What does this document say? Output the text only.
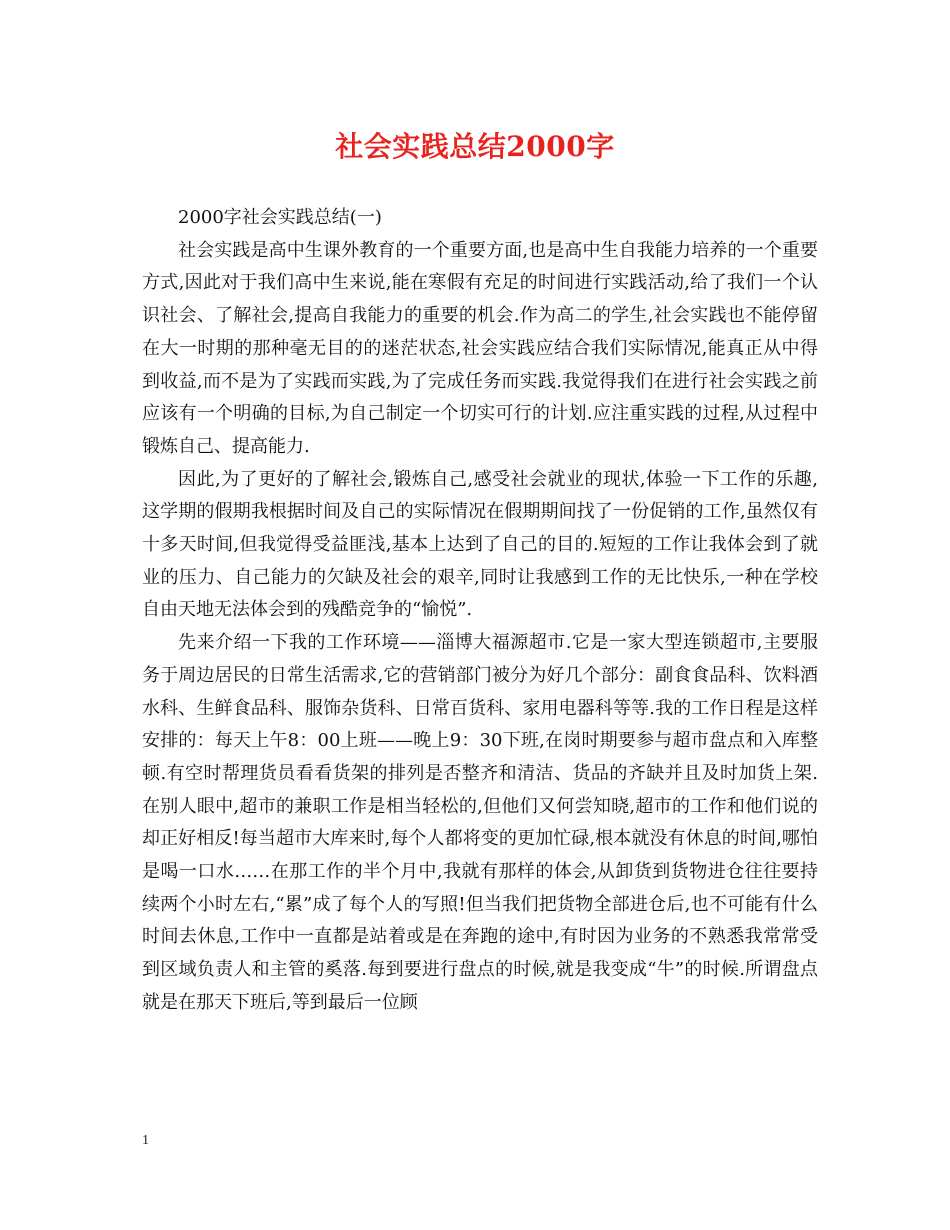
社会实践总结2000字

2000字社会实践总结(一)

社会实践是高中生课外教育的一个重要方面,也是高中生自我能力培养的一个重要方式,因此对于我们高中生来说,能在寒假有充足的时间进行实践活动,给了我们一个认识社会、了解社会,提高自我能力的重要的机会.作为高二的学生,社会实践也不能停留在大一时期的那种毫无目的的迷茫状态,社会实践应结合我们实际情况,能真正从中得到收益,而不是为了实践而实践,为了完成任务而实践.我觉得我们在进行社会实践之前应该有一个明确的目标,为自己制定一个切实可行的计划.应注重实践的过程,从过程中锻炼自己、提高能力.

因此,为了更好的了解社会,锻炼自己,感受社会就业的现状,体验一下工作的乐趣,这学期的假期我根据时间及自己的实际情况在假期期间找了一份促销的工作,虽然仅有十多天时间,但我觉得受益匪浅,基本上达到了自己的目的.短短的工作让我体会到了就业的压力、自己能力的欠缺及社会的艰辛,同时让我感到工作的无比快乐,一种在学校自由天地无法体会到的残酷竞争的“愉悦”.

先来介绍一下我的工作环境——淄博大福源超市.它是一家大型连锁超市,主要服务于周边居民的日常生活需求,它的营销部门被分为好几个部分：副食食品科、饮料酒水科、生鲜食品科、服饰杂货科、日常百货科、家用电器科等等.我的工作日程是这样安排的：每天上午8：00上班——晚上9：30下班,在岗时期要参与超市盘点和入库整顿.有空时帮理货员看看货架的排列是否整齐和清洁、货品的齐缺并且及时加货上架.在别人眼中,超市的兼职工作是相当轻松的,但他们又何尝知晓,超市的工作和他们说的却正好相反!每当超市大库来时,每个人都将变的更加忙碌,根本就没有休息的时间,哪怕是喝一口水……在那工作的半个月中,我就有那样的体会,从卸货到货物进仓往往要持续两个小时左右,“累”成了每个人的写照!但当我们把货物全部进仓后,也不可能有什么时间去休息,工作中一直都是站着或是在奔跑的途中,有时因为业务的不熟悉我常常受到区域负责人和主管的奚落.每到要进行盘点的时候,就是我变成“牛”的时候.所谓盘点就是在那天下班后,等到最后一位顾

1
